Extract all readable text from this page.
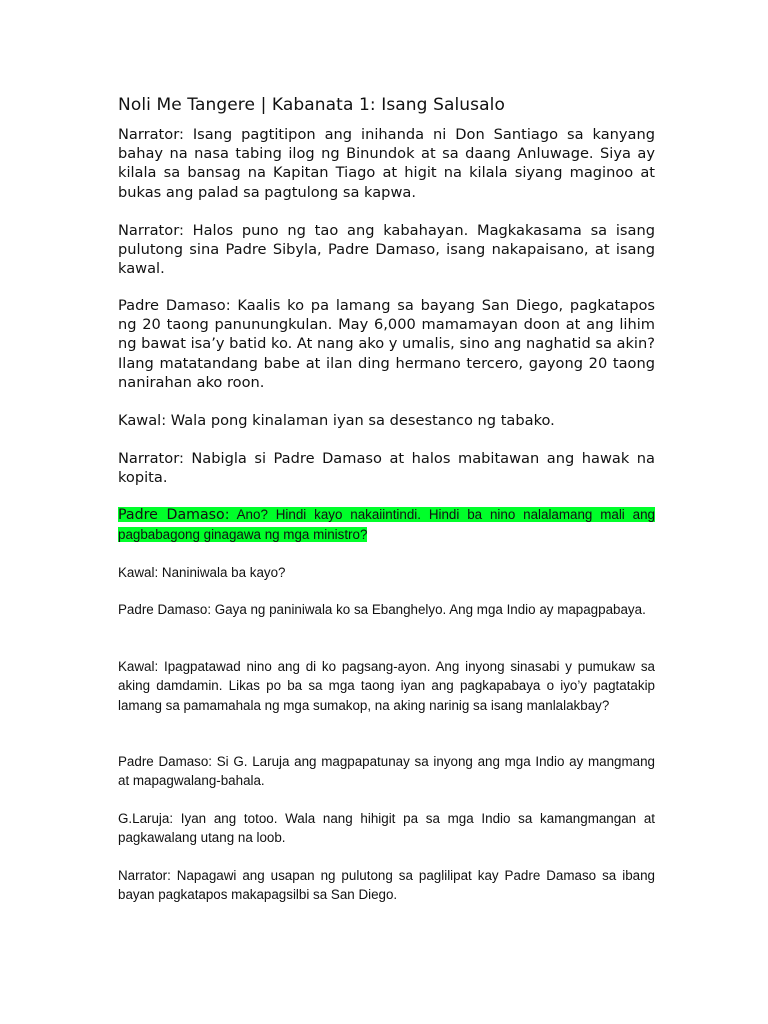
Noli Me Tangere | Kabanata 1: Isang Salusalo

Narrator: Isang pagtitipon ang inihanda ni Don Santiago sa kanyang bahay na nasa tabing ilog ng Binundok at sa daang Anluwage. Siya ay kilala sa bansag na Kapitan Tiago at higit na kilala siyang maginoo at bukas ang palad sa pagtulong sa kapwa.

Narrator: Halos puno ng tao ang kabahayan. Magkakasama sa isang pulutong sina Padre Sibyla, Padre Damaso, isang nakapaisano, at isang kawal.

Padre Damaso: Kaalis ko pa lamang sa bayang San Diego, pagkatapos ng 20 taong panunungkulan. May 6,000 mamamayan doon at ang lihim ng bawat isa’y batid ko. At nang ako y umalis, sino ang naghatid sa akin? Ilang matatandang babe at ilan ding hermano tercero, gayong 20 taong nanirahan ako roon.

Kawal: Wala pong kinalaman iyan sa desestanco ng tabako.

Narrator: Nabigla si Padre Damaso at halos mabitawan ang hawak na kopita.

Padre Damaso: Ano? Hindi kayo nakaiintindi. Hindi ba nino nalalamang mali ang pagbabagong ginagawa ng mga ministro?

Kawal: Naniniwala ba kayo?

Padre Damaso: Gaya ng paniniwala ko sa Ebanghelyo. Ang mga Indio ay mapagpabaya.

Kawal: Ipagpatawad nino ang di ko pagsang-ayon. Ang inyong sinasabi y pumukaw sa aking damdamin. Likas po ba sa mga taong iyan ang pagkapabaya o iyo’y pagtatakip lamang sa pamamahala ng mga sumakop, na aking narinig sa isang manlalakbay?

Padre Damaso: Si G. Laruja ang magpapatunay sa inyong ang mga Indio ay mangmang at mapagwalang-bahala.

G.Laruja: Iyan ang totoo. Wala nang hihigit pa sa mga Indio sa kamangmangan at pagkawalang utang na loob.

Narrator: Napagawi ang usapan ng pulutong sa paglilipat kay Padre Damaso sa ibang bayan pagkatapos makapagsilbi sa San Diego.
